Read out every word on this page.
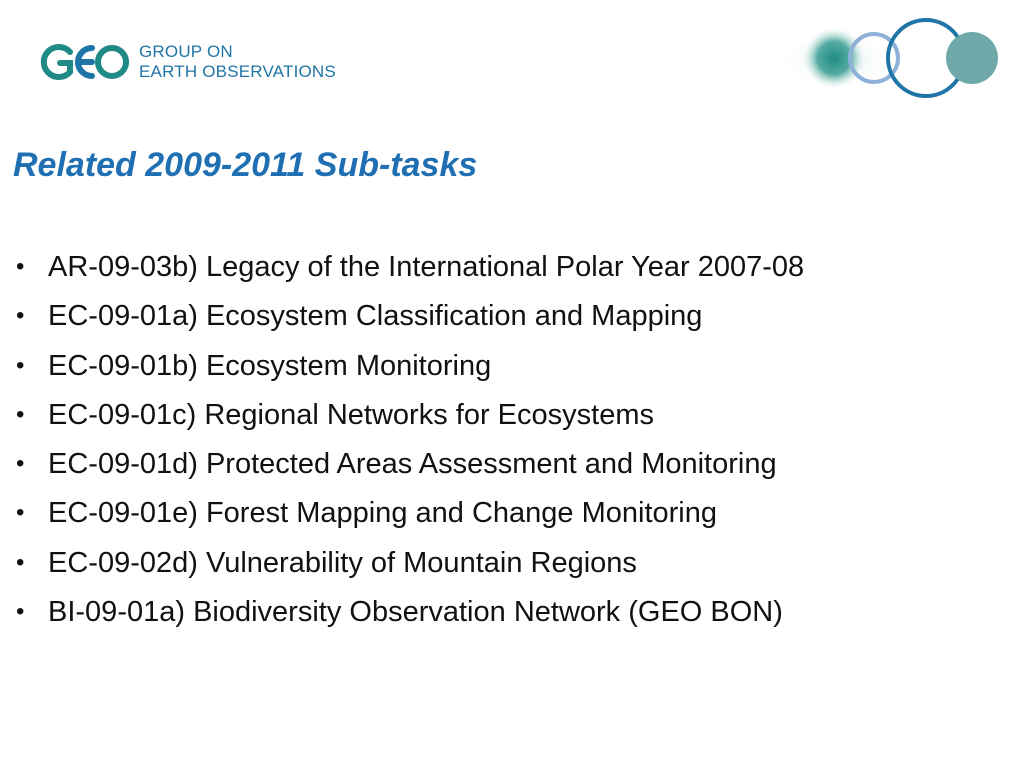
GROUP ON
EARTH OBSERVATIONS
Related 2009-2011 Sub-tasks
• AR-09-03b) Legacy of the International Polar Year 2007-08
• EC-09-01a) Ecosystem Classification and Mapping
• EC-09-01b) Ecosystem Monitoring
• EC-09-01c) Regional Networks for Ecosystems
• EC-09-01d) Protected Areas Assessment and Monitoring
• EC-09-01e) Forest Mapping and Change Monitoring
• EC-09-02d) Vulnerability of Mountain Regions
• BI-09-01a) Biodiversity Observation Network (GEO BON)
